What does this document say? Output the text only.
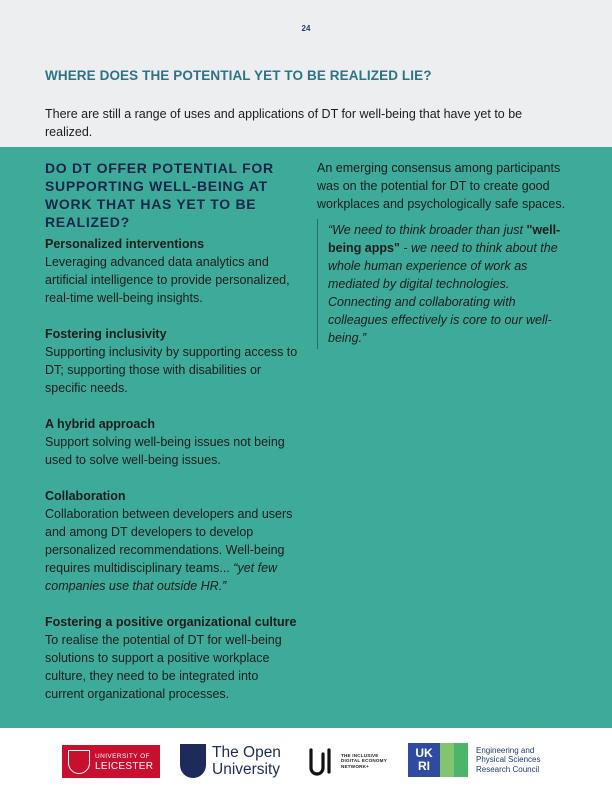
24
WHERE DOES THE POTENTIAL YET TO BE REALIZED LIE?
There are still a range of uses and applications of DT for well-being that have yet to be realized.
DO DT OFFER POTENTIAL FOR SUPPORTING WELL-BEING AT WORK THAT HAS YET TO BE REALIZED?
Personalized interventions
Leveraging advanced data analytics and artificial intelligence to provide personalized, real-time well-being insights.
Fostering inclusivity
Supporting inclusivity by supporting access to DT; supporting those with disabilities or specific needs.
A hybrid approach
Support solving well-being issues not being used to solve well-being issues.
Collaboration
Collaboration between developers and users and among DT developers to develop personalized recommendations. Well-being requires multidisciplinary teams... “yet few companies use that outside HR.”
Fostering a positive organizational culture
To realise the potential of DT for well-being solutions to support a positive workplace culture, they need to be integrated into current organizational processes.

An emerging consensus among participants was on the potential for DT to create good workplaces and psychologically safe spaces.

“We need to think broader than just "well-being apps" - we need to think about the whole human experience of work as mediated by digital technologies. Connecting and collaborating with colleagues effectively is core to our well-being.”
UNIVERSITY OF
LEICESTER
The Open
University
THE INCLUSIVE
DIGITAL ECONOMY
NETWORK+
UK
RI
Engineering and
Physical Sciences
Research Council
